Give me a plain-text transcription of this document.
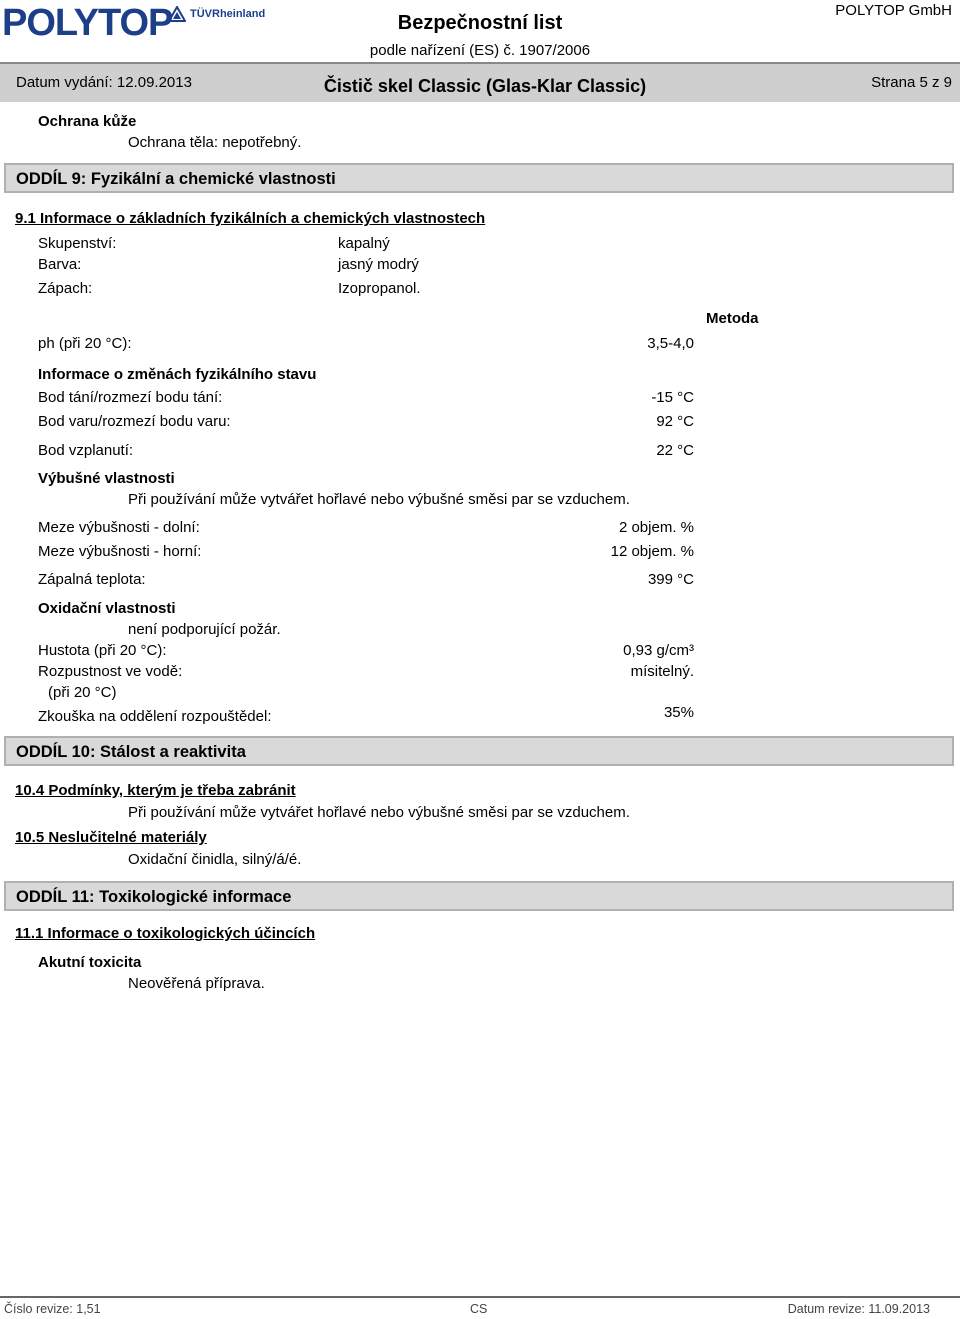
POLYTOP TÜVRheinland	Bezpečnostní list
podle nařízení (ES) č. 1907/2006
POLYTOP GmbH
Datum vydání: 12.09.2013	Čistič skel Classic (Glas-Klar Classic)	Strana 5 z 9
Ochrana kůže
Ochrana těla: nepotřebný.
ODDÍL 9: Fyzikální a chemické vlastnosti
9.1 Informace o základních fyzikálních a chemických vlastnostech
Skupenství:	kapalný
Barva:	jasný modrý
Zápach:	Izopropanol.
Metoda
ph (při 20 °C):	3,5-4,0
Informace o změnách fyzikálního stavu
Bod tání/rozmezí bodu tání:	-15 °C
Bod varu/rozmezí bodu varu:	92 °C
Bod vzplanutí:	22 °C
Výbušné vlastnosti
Při používání může vytvářet hořlavé nebo výbušné směsi par se vzduchem.
Meze výbušnosti - dolní:	2 objem. %
Meze výbušnosti - horní:	12 objem. %
Zápalná teplota:	399 °C
Oxidační vlastnosti
není podporující požár.
Hustota (při 20 °C):	0,93 g/cm³
Rozpustnost ve vodě:	mísitelný.
(při 20 °C)
Zkouška na oddělení rozpouštědel:	35%
ODDÍL 10: Stálost a reaktivita
10.4 Podmínky, kterým je třeba zabránit
Při používání může vytvářet hořlavé nebo výbušné směsi par se vzduchem.
10.5 Neslučitelné materiály
Oxidační činidla, silný/á/é.
ODDÍL 11: Toxikologické informace
11.1 Informace o toxikologických účincích
Akutní toxicita
Neověřená příprava.
Číslo revize: 1,51	CS	Datum revize: 11.09.2013
